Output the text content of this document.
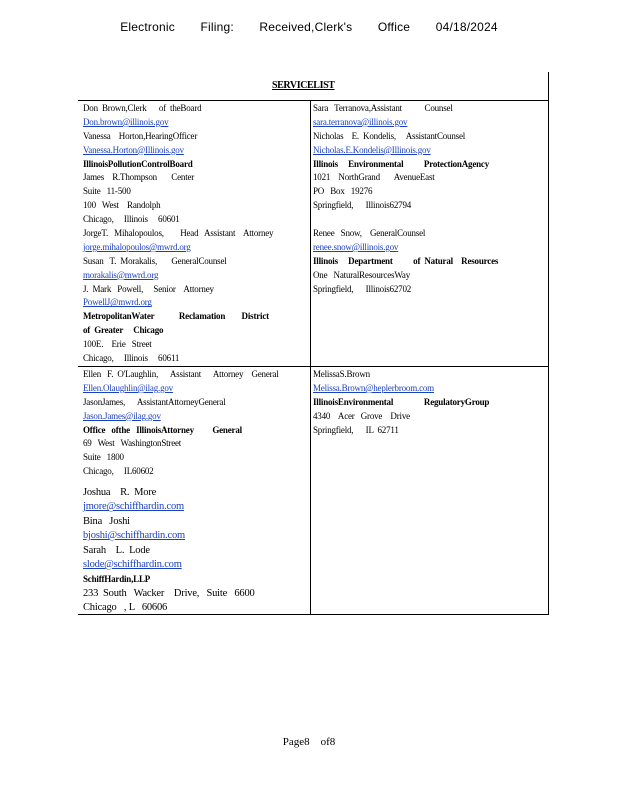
Electronic Filing: Received,Clerk's Office 04/18/2024
SERVICELIST
Don  Brown,Clerk      of  theBoard
Don.brown@illinois.gov
Vanessa    Horton,HearingOfficer
Vanessa.Horton@Illinois.gov
IllinoisPollutionControlBoard
James    R.Thompson       Center
Suite   11-500
100   West    Randolph
Chicago,     Illinois     60601
JorgeT.   Mihalopoulos,        Head   Assistant    Attorney
jorge.mihalopoulos@mwrd.org
Susan   T.  Morakalis,       GeneralCounsel
morakalis@mwrd.org
J.  Mark   Powell,     Senior    Attorney
PowellJ@mwrd.org
MetropolitanWater            Reclamation        District
of  Greater     Chicago
100E.    Erie   Street
Chicago,     Illinois     60611
Sara   Terranova,Assistant           Counsel
sara.terranova@illinois.gov
Nicholas    E.  Kondelis,     AssistantCounsel
Nicholas.E.Kondelis@Illinois.gov
Illinois     Environmental          ProtectionAgency
1021    NorthGrand       AvenueEast
PO   Box   19276
Springfield,      Illinois62794
Renee   Snow,    GeneralCounsel
renee.snow@illinois.gov
Illinois     Department          of  Natural    Resources
One   NaturalResourcesWay
Springfield,      Illinois62702
Ellen   F.  O'Laughlin,      Assistant      Attorney    General
Ellen.Olaughlin@ilag.gov
JasonJames,      AssistantAttorneyGeneral
Jason.James@ilag.gov
Office   ofthe   IllinoisAttorney         General
69   West   WashingtonStreet
Suite   1800
Chicago,     IL60602
Joshua    R.  More
jmore@schiffhardin.com
Bina   Joshi
bjoshi@schiffhardin.com
Sarah    L.  Lode
slode@schiffhardin.com
SchiffHardin,LLP
233  South   Wacker    Drive,   Suite   6600
Chicago   , L   60606
MelissaS.Brown
Melissa.Brown@heplerbroom.com
IllinoisEnvironmental               RegulatoryGroup
4340    Acer   Grove    Drive
Springfield,      IL  62711
Page8 of8
